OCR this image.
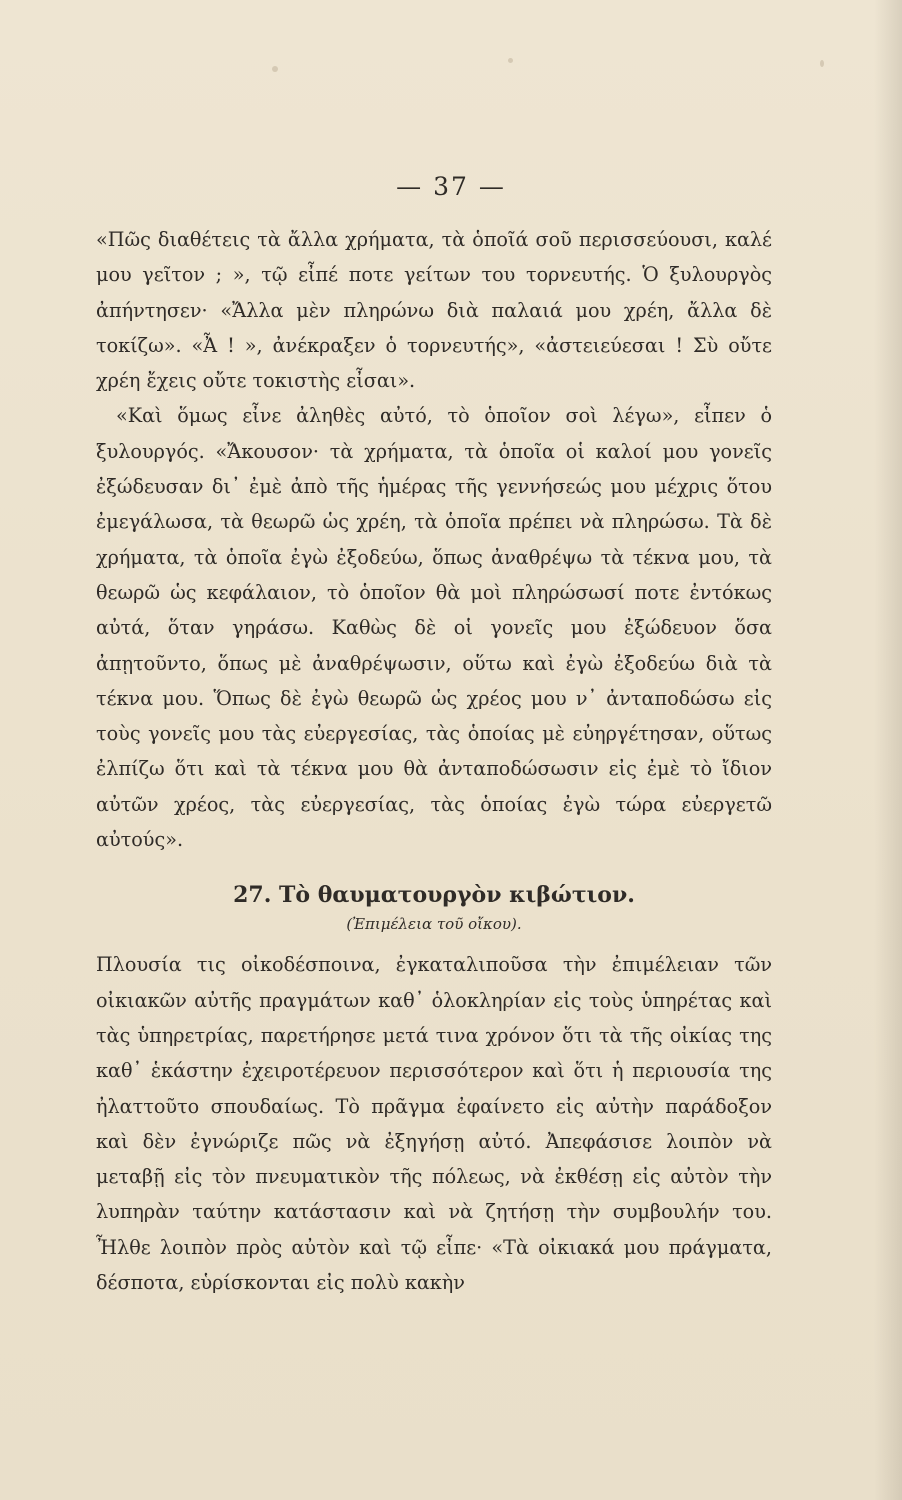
— 37 —

«Πῶς διαθέτεις τὰ ἄλλα χρήματα, τὰ ὁποῖά σοῦ περισσεύουσι, καλέ μου γεῖτον ; », τῷ εἶπέ ποτε γείτων του τορνευτής. Ὁ ξυλουργὸς ἀπήντησεν· «Ἄλλα μὲν πληρώνω διὰ παλαιά μου χρέη, ἄλλα δὲ τοκίζω». «Ἆ ! », ἀνέκραξεν ὁ τορνευτής», «ἀστειεύεσαι ! Σὺ οὔτε χρέη ἔχεις οὔτε τοκιστὴς εἶσαι».

«Καὶ ὅμως εἶνε ἀληθὲς αὐτό, τὸ ὁποῖον σοὶ λέγω», εἶπεν ὁ ξυλουργός. «Ἄκουσον· τὰ χρήματα, τὰ ὁποῖα οἱ καλοί μου γονεῖς ἐξώδευσαν δι᾿ ἐμὲ ἀπὸ τῆς ἡμέρας τῆς γεννήσεώς μου μέχρις ὅτου ἐμεγάλωσα, τὰ θεωρῶ ὡς χρέη, τὰ ὁποῖα πρέπει νὰ πληρώσω. Τὰ δὲ χρήματα, τὰ ὁποῖα ἐγὼ ἐξοδεύω, ὅπως ἀναθρέψω τὰ τέκνα μου, τὰ θεωρῶ ὡς κεφάλαιον, τὸ ὁποῖον θὰ μοὶ πληρώσωσί ποτε ἐντόκως αὐτά, ὅταν γηράσω. Καθὼς δὲ οἱ γονεῖς μου ἐξώδευον ὅσα ἀπῃτοῦντο, ὅπως μὲ ἀναθρέψωσιν, οὕτω καὶ ἐγὼ ἐξοδεύω διὰ τὰ τέκνα μου. Ὅπως δὲ ἐγὼ θεωρῶ ὡς χρέος μου ν᾿ ἀνταποδώσω εἰς τοὺς γονεῖς μου τὰς εὐεργεσίας, τὰς ὁποίας μὲ εὐηργέτησαν, οὕτως ἐλπίζω ὅτι καὶ τὰ τέκνα μου θὰ ἀνταποδώσωσιν εἰς ἐμὲ τὸ ἴδιον αὐτῶν χρέος, τὰς εὐεργεσίας, τὰς ὁποίας ἐγὼ τώρα εὐεργετῶ αὐτούς».

27. Τὸ θαυματουργὸν κιβώτιον.
(Ἐπιμέλεια τοῦ οἴκου).

Πλουσία τις οἰκοδέσποινα, ἐγκαταλιποῦσα τὴν ἐπιμέλειαν τῶν οἰκιακῶν αὐτῆς πραγμάτων καθ᾿ ὁλοκληρίαν εἰς τοὺς ὑπηρέτας καὶ τὰς ὑπηρετρίας, παρετήρησε μετά τινα χρόνον ὅτι τὰ τῆς οἰκίας της καθ᾿ ἑκάστην ἐχειροτέρευον περισσότερον καὶ ὅτι ἡ περιουσία της ἠλαττοῦτο σπουδαίως. Τὸ πρᾶγμα ἐφαίνετο εἰς αὐτὴν παράδοξον καὶ δὲν ἐγνώριζε πῶς νὰ ἐξηγήσῃ αὐτό. Ἀπεφάσισε λοιπὸν νὰ μεταβῇ εἰς τὸν πνευματικὸν τῆς πόλεως, νὰ ἐκθέσῃ εἰς αὐτὸν τὴν λυπηρὰν ταύτην κατάστασιν καὶ νὰ ζητήσῃ τὴν συμβουλήν του. Ἦλθε λοιπὸν πρὸς αὐτὸν καὶ τῷ εἶπε· «Τὰ οἰκιακά μου πράγματα, δέσποτα, εὑρίσκονται εἰς πολὺ κακὴν
